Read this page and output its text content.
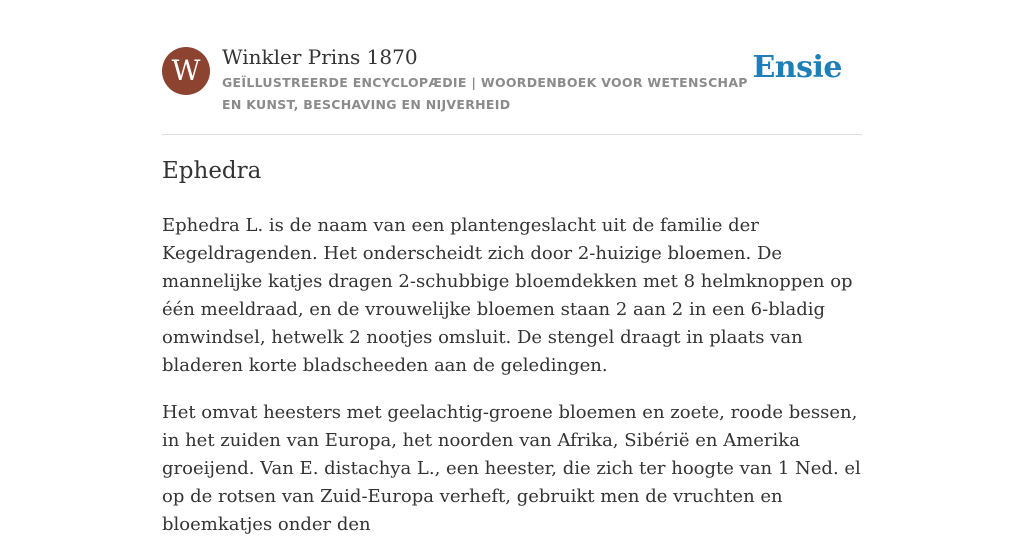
W	Winkler Prins 1870
GEÏLLUSTREERDE ENCYCLOPÆDIE | WOORDENBOEK VOOR WETENSCHAP EN KUNST, BESCHAVING EN NIJVERHEID
Ensie
Ephedra

Ephedra L. is de naam van een plantengeslacht uit de familie der Kegeldragenden. Het onderscheidt zich door 2-huizige bloemen. De mannelijke katjes dragen 2-schubbige bloemdekken met 8 helmknoppen op één meeldraad, en de vrouwelijke bloemen staan 2 aan 2 in een 6-bladig omwindsel, hetwelk 2 nootjes omsluit. De stengel draagt in plaats van bladeren korte bladscheeden aan de geledingen.

Het omvat heesters met geelachtig-groene bloemen en zoete, roode bessen, in het zuiden van Europa, het noorden van Afrika, Sibérië en Amerika groeijend. Van E. distachya L., een heester, die zich ter hoogte van 1 Ned. el op de rotsen van Zuid-Europa verheft, gebruikt men de vruchten en bloemkatjes onder den
